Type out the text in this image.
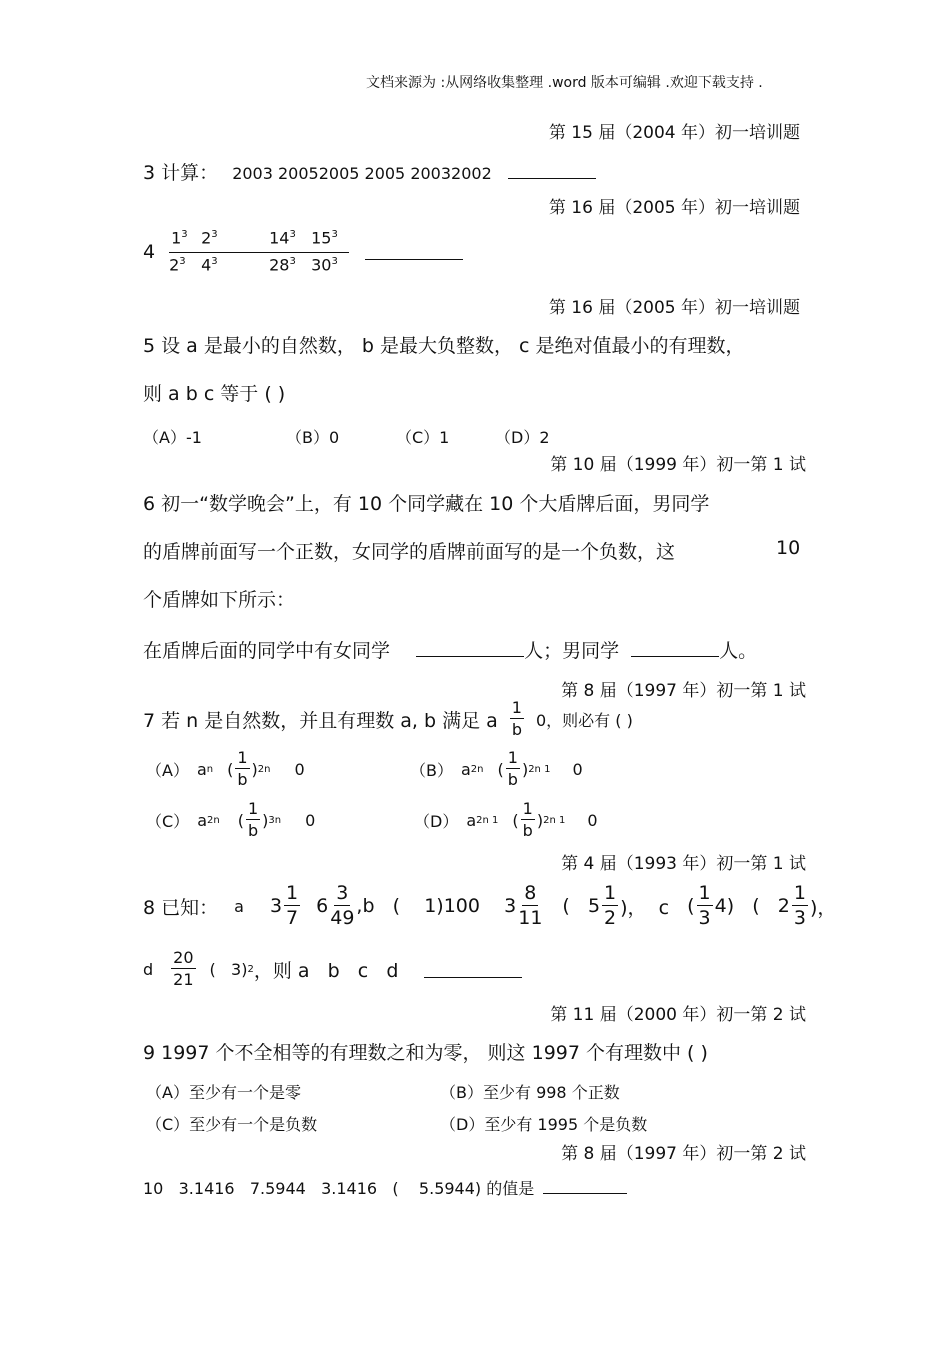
文档来源为 :从网络收集整理 .word 版本可编辑 .欢迎下载支持 .
第 15 届（2004 年）初一培训题
3 计算： 2003 20052005 2005 20032002
第 16 届（2005 年）初一培训题
4
$1^3$ $2^3$	$14^3$ $15^3$
$2^3$ $4^3$	$28^3$ $30^3$
第 16 届（2005 年）初一培训题
5 设 a 是最小的自然数， b 是最大负整数， c 是绝对值最小的有理数，
则 a b c 等于 ( )
（A）-1	（B）0	（C）1	（D）2
第 10 届（1999 年）初一第 1 试
6 初一“数学晚会”上，有 10 个同学藏在 10 个大盾牌后面，男同学
的盾牌前面写一个正数，女同学的盾牌前面写的是一个负数，这	10
个盾牌如下所示：
在盾牌后面的同学中有女同学	人；男同学	人。
第 8 届（1997 年）初一第 1 试
7 若 n 是自然数，并且有理数 a, b 满足 a $\frac{1}{b} 0$，则必有 ( )
（A） a n ( $\frac{1}{b}$ ) 2n 0	（B） a 2n ( $\frac{1}{b}$ ) 2n 1 0
（C） a 2n ( $\frac{1}{b}$ ) 3n 0	（D） a 2n 1 ( $\frac{1}{b}$ ) 2n 1 0
第 4 届（1993 年）初一第 1 试
8 已知： a $3 \frac{1}{7} 6 \frac{3}{49} ,b$   (    1)100    $3 \frac{8}{11}$ (   $5 \frac{1}{2}$ )，  c ( $\frac{1}{3} 4$)   (   $2 \frac{1}{3}$ )，
d $\frac{20}{21}$ (   3) 2 ，则 a   b   c   d
第 11 届（2000 年）初一第 2 试
9 1997 个不全相等的有理数之和为零， 则这 1997 个有理数中 ( )
（A）至少有一个是零	（B）至少有 998 个正数
（C）至少有一个是负数	（D）至少有 1995 个是负数
第 8 届（1997 年）初一第 2 试
10   3.1416   7.5944   3.1416   (    5.5944) 的值是
